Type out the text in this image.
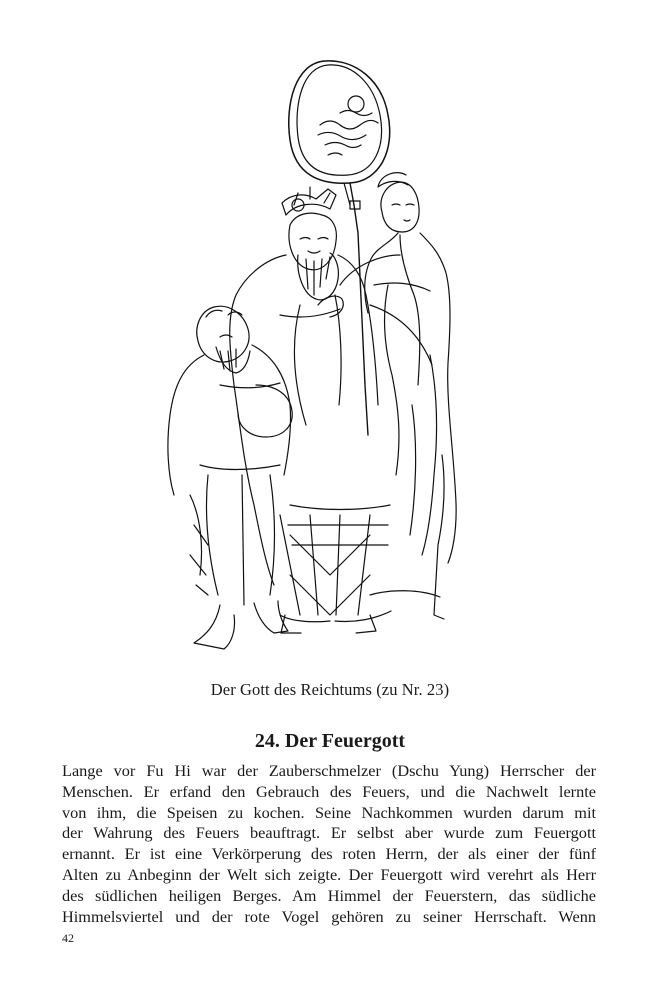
Der Gott des Reichtums (zu Nr. 23)
24. Der Feuergott
Lange vor Fu Hi war der Zauberschmelzer (Dschu Yung) Herrscher der
Menschen. Er erfand den Gebrauch des Feuers, und die Nachwelt lernte
von ihm, die Speisen zu kochen. Seine Nachkommen wurden darum mit
der Wahrung des Feuers beauftragt. Er selbst aber wurde zum Feuergott
ernannt. Er ist eine Verkörperung des roten Herrn, der als einer der fünf
Alten zu Anbeginn der Welt sich zeigte. Der Feuergott wird verehrt als Herr
des südlichen heiligen Berges. Am Himmel der Feuerstern, das südliche
Himmelsviertel und der rote Vogel gehören zu seiner Herrschaft. Wenn
42
